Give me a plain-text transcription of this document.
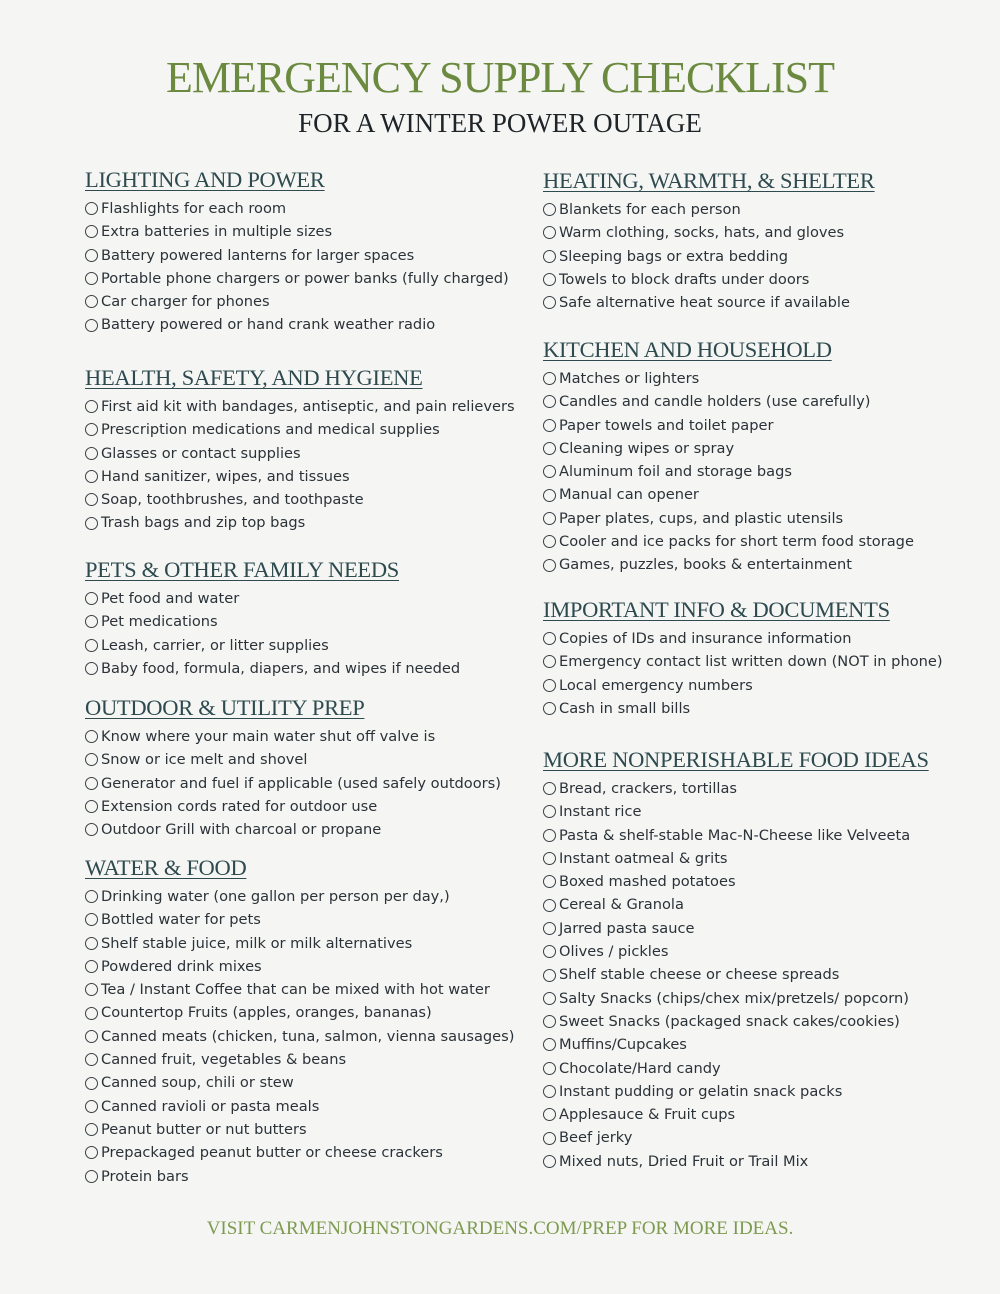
EMERGENCY SUPPLY CHECKLIST
FOR A WINTER POWER OUTAGE
LIGHTING AND POWER
Flashlights for each room
Extra batteries in multiple sizes
Battery powered lanterns for larger spaces
Portable phone chargers or power banks (fully charged)
Car charger for phones
Battery powered or hand crank weather radio
HEALTH, SAFETY, AND HYGIENE
First aid kit with bandages, antiseptic, and pain relievers
Prescription medications and medical supplies
Glasses or contact supplies
Hand sanitizer, wipes, and tissues
Soap, toothbrushes, and toothpaste
Trash bags and zip top bags
PETS & OTHER FAMILY NEEDS
Pet food and water
Pet medications
Leash, carrier, or litter supplies
Baby food, formula, diapers, and wipes if needed
OUTDOOR & UTILITY PREP
Know where your main water shut off valve is
Snow or ice melt and shovel
Generator and fuel if applicable (used safely outdoors)
Extension cords rated for outdoor use
Outdoor Grill with charcoal or propane
WATER & FOOD
Drinking water (one gallon per person per day,)
Bottled water for pets
Shelf stable juice, milk or milk alternatives
Powdered drink mixes
Tea / Instant Coffee that can be mixed with hot water
Countertop Fruits (apples, oranges, bananas)
Canned meats (chicken, tuna, salmon, vienna sausages)
Canned fruit, vegetables & beans
Canned soup, chili or stew
Canned ravioli or pasta meals
Peanut butter or nut butters
Prepackaged peanut butter or cheese crackers
Protein bars
HEATING, WARMTH, & SHELTER
Blankets for each person
Warm clothing, socks, hats, and gloves
Sleeping bags or extra bedding
Towels to block drafts under doors
Safe alternative heat source if available
KITCHEN AND HOUSEHOLD
Matches or lighters
Candles and candle holders (use carefully)
Paper towels and toilet paper
Cleaning wipes or spray
Aluminum foil and storage bags
Manual can opener
Paper plates, cups, and plastic utensils
Cooler and ice packs for short term food storage
Games, puzzles, books & entertainment
IMPORTANT INFO & DOCUMENTS
Copies of IDs and insurance information
Emergency contact list written down (NOT in phone)
Local emergency numbers
Cash in small bills
MORE NONPERISHABLE FOOD IDEAS
Bread, crackers, tortillas
Instant rice
Pasta & shelf-stable Mac-N-Cheese like Velveeta
Instant oatmeal & grits
Boxed mashed potatoes
Cereal & Granola
Jarred pasta sauce
Olives / pickles
Shelf stable cheese or cheese spreads
Salty Snacks (chips/chex mix/pretzels/ popcorn)
Sweet Snacks (packaged snack cakes/cookies)
Muffins/Cupcakes
Chocolate/Hard candy
Instant pudding or gelatin snack packs
Applesauce & Fruit cups
Beef jerky
Mixed nuts, Dried Fruit or Trail Mix
VISIT CARMENJOHNSTONGARDENS.COM/PREP FOR MORE IDEAS.
